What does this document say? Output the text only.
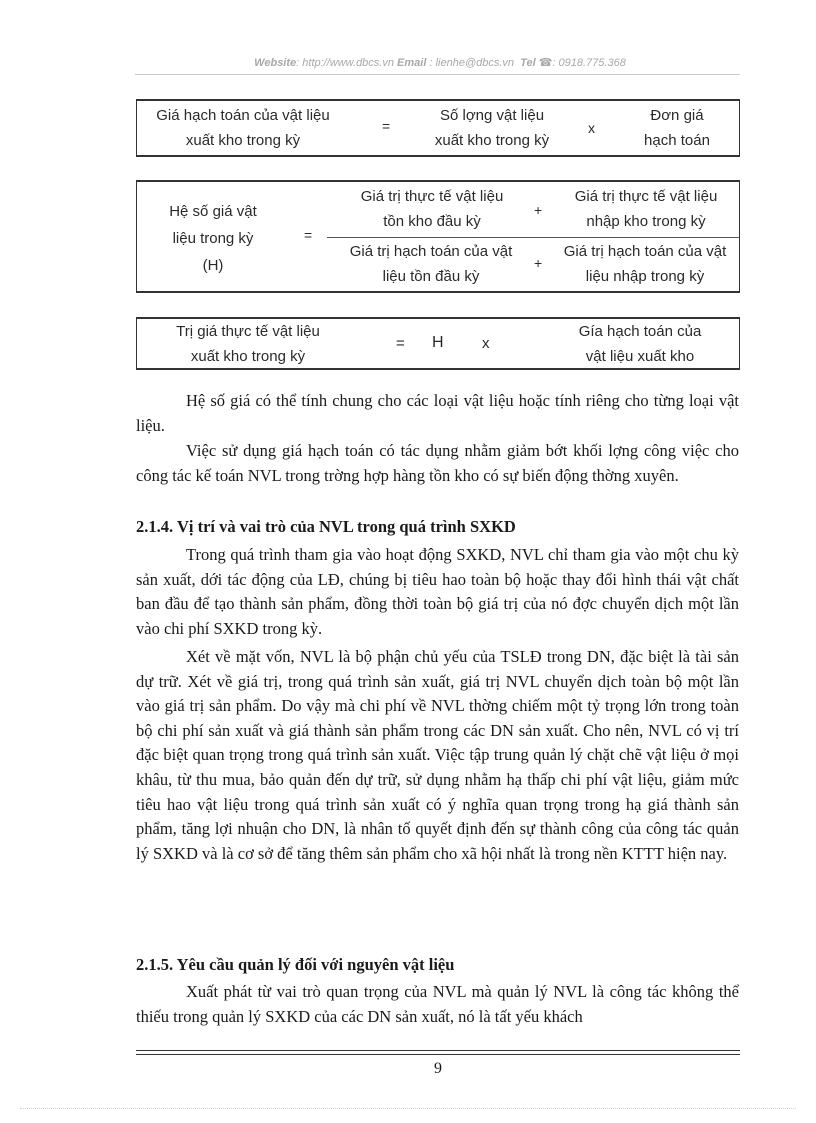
Website: http://www.dbcs.vn Email : lienhe@dbcs.vn Tel ☎: 0918.775.368
Giá hạch toán của vật liệu
xuất kho trong kỳ
=
Số lợng vật liệu
xuất kho trong kỳ
x
Đơn giá
hạch toán
Hệ số giá vật
liệu trong kỳ
(H)
=
Giá trị thực tế vật liệu
tồn kho đầu kỳ
+
Giá trị thực tế vật liệu
nhập kho trong kỳ
Giá trị hạch toán của vật
liệu tồn đầu kỳ
+
Giá trị hạch toán của vật
liệu nhập trong kỳ
Trị giá thực tế vật liệu
xuất kho trong kỳ
= H	x
Gía hạch toán của
vật liệu xuất kho
Hệ số giá có thể tính chung cho các loại vật liệu hoặc tính riêng cho từng loại vật liệu.
Việc sử dụng giá hạch toán có tác dụng nhằm giảm bớt khối lợng công việc cho công tác kế toán NVL trong trờng hợp hàng tồn kho có sự biến động thờng xuyên.
2.1.4. Vị trí và vai trò của NVL trong quá trình SXKD
Trong quá trình tham gia vào hoạt động SXKD, NVL chỉ tham gia vào một chu kỳ sản xuất, dới tác động của LĐ, chúng bị tiêu hao toàn bộ hoặc thay đổi hình thái vật chất ban đầu để tạo thành sản phẩm, đồng thời toàn bộ giá trị của nó đợc chuyển dịch một lần vào chi phí SXKD trong kỳ.
Xét về mặt vốn, NVL là bộ phận chủ yếu của TSLĐ trong DN, đặc biệt là tài sản dự trữ. Xét về giá trị, trong quá trình sản xuất, giá trị NVL chuyển dịch toàn bộ một lần vào giá trị sản phẩm. Do vậy mà chi phí về NVL thờng chiếm một tỷ trọng lớn trong toàn bộ chi phí sản xuất và giá thành sản phẩm trong các DN sản xuất. Cho nên, NVL có vị trí đặc biệt quan trọng trong quá trình sản xuất. Việc tập trung quản lý chặt chẽ vật liệu ở mọi khâu, từ thu mua, bảo quản đến dự trữ, sử dụng nhằm hạ thấp chi phí vật liệu, giảm mức tiêu hao vật liệu trong quá trình sản xuất có ý nghĩa quan trọng trong hạ giá thành sản phẩm, tăng lợi nhuận cho DN, là nhân tố quyết định đến sự thành công của công tác quản lý SXKD và là cơ sở để tăng thêm sản phẩm cho xã hội nhất là trong nền KTTT hiện nay.
2.1.5. Yêu cầu quản lý đối với nguyên vật liệu
Xuất phát từ vai trò quan trọng của NVL mà quản lý NVL là công tác không thể thiếu trong quản lý SXKD của các DN sản xuất, nó là tất yếu khách
9
